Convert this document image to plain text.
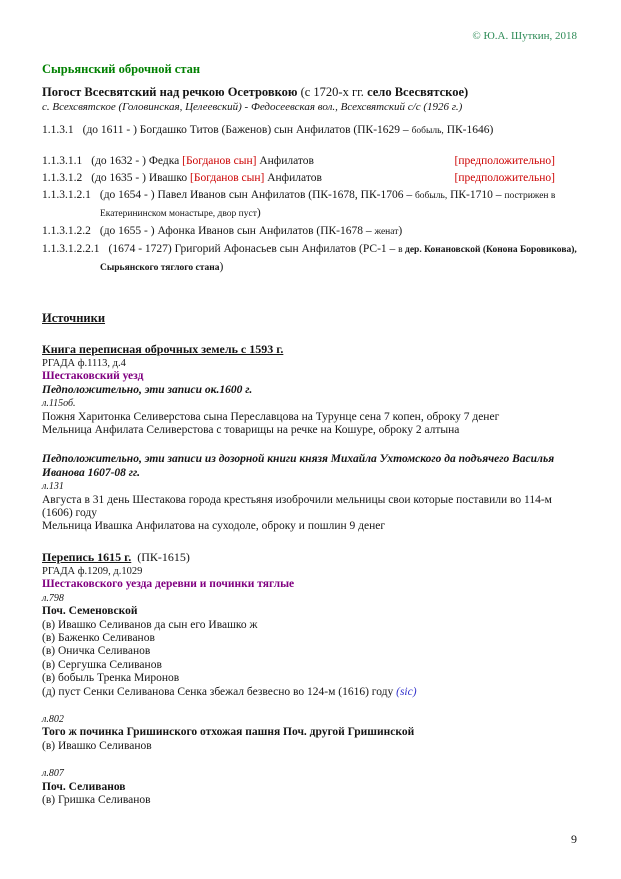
© Ю.А. Шуткин, 2018
Сырьянский оброчной стан
Погост Всесвятский над речкою Осетровкою (с 1720-х гг. село Всесвятское)
с. Всехсвятское (Головинская, Целеевский) - Федосеевская вол., Всехсвятский с/с (1926 г.)
1.1.3.1 (до 1611 - ) Богдашко Титов (Баженов) сын Анфилатов (ПК-1629 – бобыль, ПК-1646)
[предположительно]
1.1.3.1.1 (до 1632 - ) Федка [Богданов сын] Анфилатов
[предположительно]
1.1.3.1.2 (до 1635 - ) Ивашко [Богданов сын] Анфилатов
1.1.3.1.2.1 (до 1654 - ) Павел Иванов сын Анфилатов (ПК-1678, ПК-1706 – бобыль, ПК-1710 – пострижен в Екатерининском монастыре, двор пуст)
1.1.3.1.2.2 (до 1655 - ) Афонка Иванов сын Анфилатов (ПК-1678 – женат)
1.1.3.1.2.2.1 (1674 - 1727) Григорий Афонасьев сын Анфилатов (РС-1 – в дер. Конановской (Конона Боровикова), Сырьянского тяглого стана)
Источники
Книга переписная оброчных земель с 1593 г.
РГАДА ф.1113, д.4
Шестаковский уезд
Педположительно, эти записи ок.1600 г.
л.115об.
Пожня Харитонка Селиверстова сына Переславцова на Турунце сена 7 копен, оброку 7 денег
Мельница Анфилата Селиверстова с товарищы на речке на Кошуре, оброку 2 алтына
Педположительно, эти записи из дозорной книги князя Михайла Ухтомского да подъячего Василья Иванова 1607-08 гг.
л.131
Августа в 31 день Шестакова города крестьяня изоброчили мельницы свои которые поставили во 114-м (1606) году
Мельница Ивашка Анфилатова на суходоле, оброку и пошлин 9 денег
Перепись 1615 г. (ПК-1615)
РГАДА ф.1209, д.1029
Шестаковского уезда деревни и починки тяглые
л.798
Поч. Семеновской
(в) Ивашко Селиванов да сын его Ивашко ж
(в) Баженко Селиванов
(в) Оничка Селиванов
(в) Сергушка Селиванов
(в) бобыль Тренка Миронов
(д) пуст Сенки Селиванова Сенка збежал безвесно во 124-м (1616) году (sic)
л.802
Того ж починка Гришинского отхожая пашня Поч. другой Гришинской
(в) Ивашко Селиванов
л.807
Поч. Селиванов
(в) Гришка Селиванов
9
